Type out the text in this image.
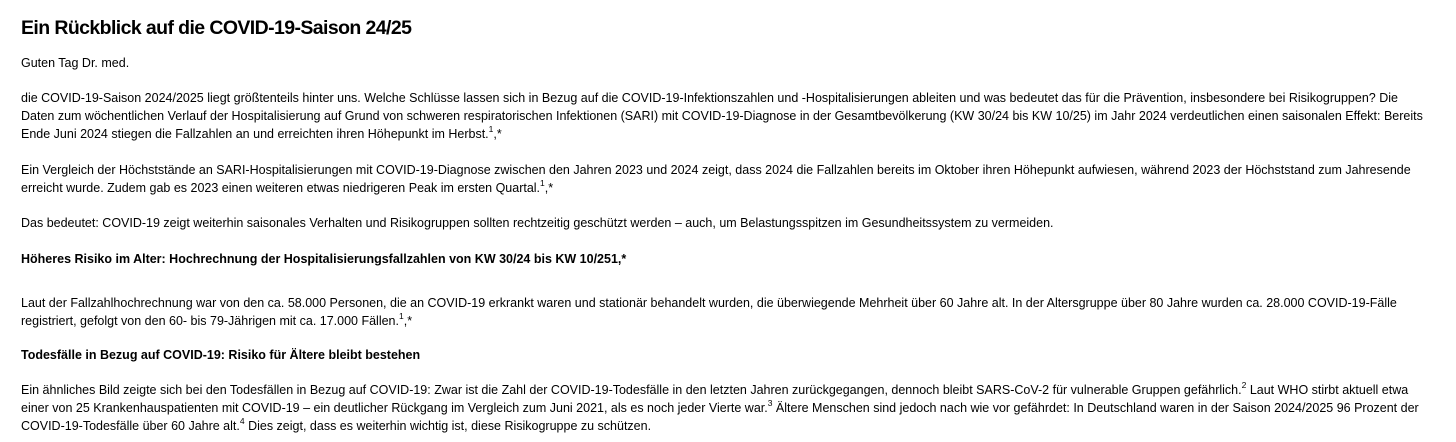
Ein Rückblick auf die COVID-19-Saison 24/25

Guten Tag Dr. med.

die COVID-19-Saison 2024/2025 liegt größtenteils hinter uns. Welche Schlüsse lassen sich in Bezug auf die COVID-19-Infektionszahlen und -Hospitalisierungen ableiten und was bedeutet das für die Prävention, insbesondere bei Risikogruppen? Die
Daten zum wöchentlichen Verlauf der Hospitalisierung auf Grund von schweren respiratorischen Infektionen (SARI) mit COVID-19-Diagnose in der Gesamtbevölkerung (KW 30/24 bis KW 10/25) im Jahr 2024 verdeutlichen einen saisonalen Effekt: Bereits
Ende Juni 2024 stiegen die Fallzahlen an und erreichten ihren Höhepunkt im Herbst.$^1$,*

Ein Vergleich der Höchststände an SARI-Hospitalisierungen mit COVID-19-Diagnose zwischen den Jahren 2023 und 2024 zeigt, dass 2024 die Fallzahlen bereits im Oktober ihren Höhepunkt aufwiesen, während 2023 der Höchststand zum Jahresende
erreicht wurde. Zudem gab es 2023 einen weiteren etwas niedrigeren Peak im ersten Quartal.$^1$,*

Das bedeutet: COVID-19 zeigt weiterhin saisonales Verhalten und Risikogruppen sollten rechtzeitig geschützt werden – auch, um Belastungsspitzen im Gesundheitssystem zu vermeiden.

Höheres Risiko im Alter: Hochrechnung der Hospitalisierungsfallzahlen von KW 30/24 bis KW 10/251,*

Laut der Fallzahlhochrechnung war von den ca. 58.000 Personen, die an COVID-19 erkrankt waren und stationär behandelt wurden, die überwiegende Mehrheit über 60 Jahre alt. In der Altersgruppe über 80 Jahre wurden ca. 28.000 COVID-19-Fälle
registriert, gefolgt von den 60- bis 79-Jährigen mit ca. 17.000 Fällen.$^1$,*

Todesfälle in Bezug auf COVID-19: Risiko für Ältere bleibt bestehen

Ein ähnliches Bild zeigte sich bei den Todesfällen in Bezug auf COVID-19: Zwar ist die Zahl der COVID-19-Todesfälle in den letzten Jahren zurückgegangen, dennoch bleibt SARS-CoV-2 für vulnerable Gruppen gefährlich.$^2$ Laut WHO stirbt aktuell etwa
einer von 25 Krankenhauspatienten mit COVID-19 – ein deutlicher Rückgang im Vergleich zum Juni 2021, als es noch jeder Vierte war.$^3$ Ältere Menschen sind jedoch nach wie vor gefährdet: In Deutschland waren in der Saison 2024/2025 96 Prozent der
COVID-19-Todesfälle über 60 Jahre alt.$^4$ Dies zeigt, dass es weiterhin wichtig ist, diese Risikogruppe zu schützen.
